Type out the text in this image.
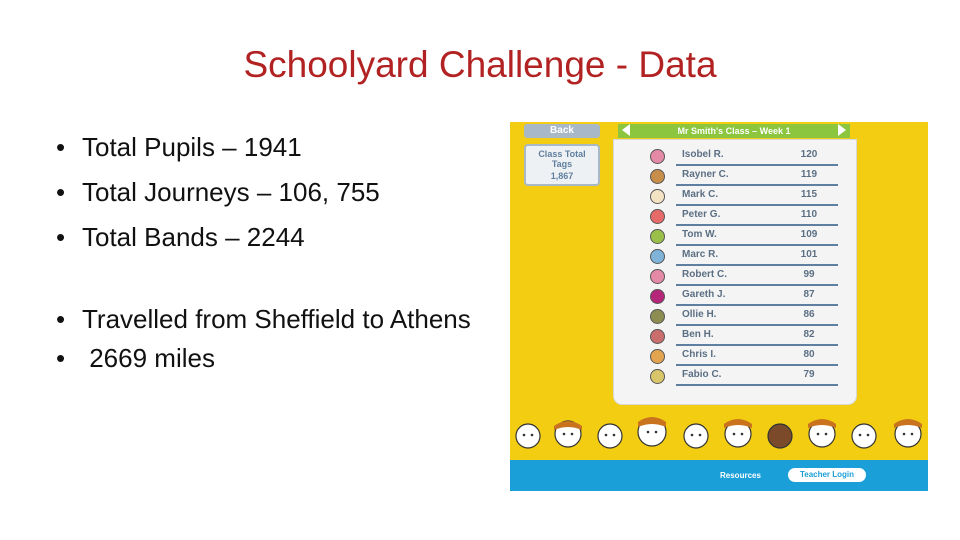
Schoolyard Challenge - Data
• Total Pupils – 1941
• Total Journeys – 106, 755
• Total Bands – 2244
• Travelled from Sheffield to Athens
• 2669 miles
Back
Class Total
Tags
1,867
Mr Smith's Class – Week 1
Isobel R.	120
Rayner C.	119
Mark C.	115
Peter G.	110
Tom W.	109
Marc R.	101
Robert C.	99
Gareth J.	87
Ollie H.	86
Ben H.	82
Chris I.	80
Fabio C.	79
Resources	Teacher Login
